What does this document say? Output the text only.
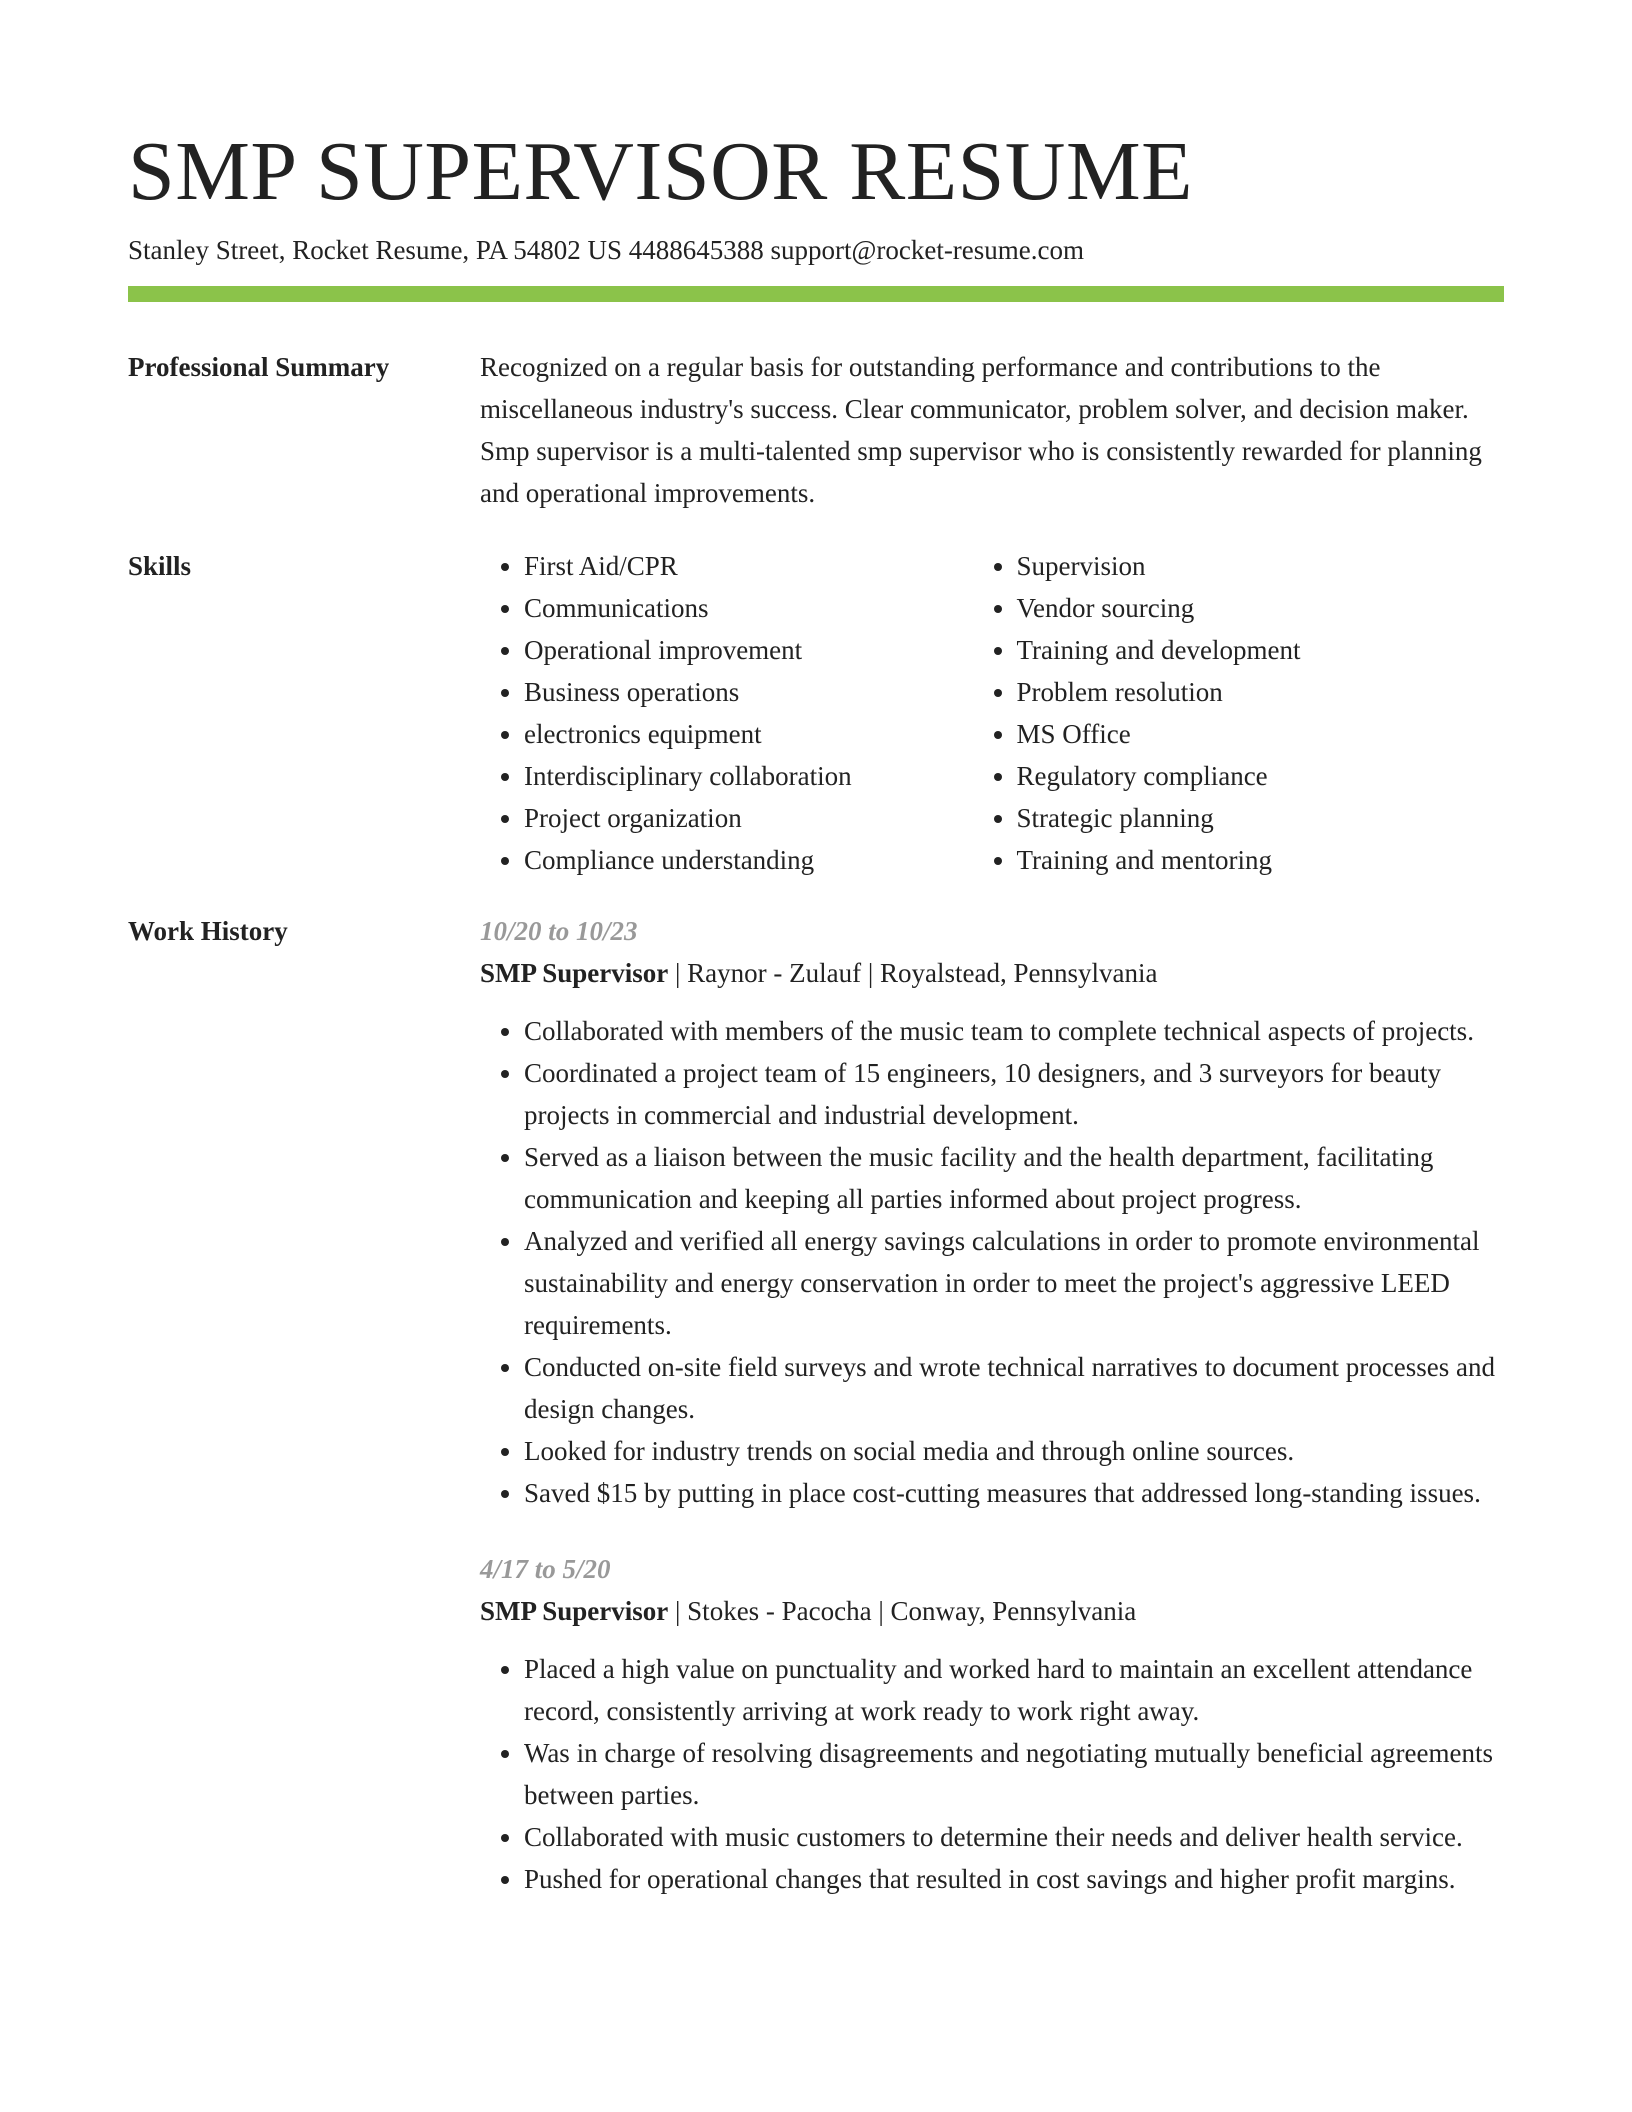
SMP SUPERVISOR RESUME
Stanley Street, Rocket Resume, PA 54802 US 4488645388 support@rocket-resume.com
Professional Summary	Recognized on a regular basis for outstanding performance and contributions to the miscellaneous industry's success. Clear communicator, problem solver, and decision maker. Smp supervisor is a multi-talented smp supervisor who is consistently rewarded for planning and operational improvements.

Skills
•	First Aid/CPR
• Communications
• Operational improvement
• Business operations
• electronics equipment
• Interdisciplinary collaboration
• Project organization
• Compliance understanding
• Supervision
• Vendor sourcing
• Training and development
• Problem resolution
• MS Office
• Regulatory compliance
• Strategic planning
• Training and mentoring
Work History	10/20 to 10/23
SMP Supervisor | Raynor - Zulauf | Royalstead, Pennsylvania
• Collaborated with members of the music team to complete technical aspects of projects.
• Coordinated a project team of 15 engineers, 10 designers, and 3 surveyors for beauty projects in commercial and industrial development.
• Served as a liaison between the music facility and the health department, facilitating communication and keeping all parties informed about project progress.
• Analyzed and verified all energy savings calculations in order to promote environmental sustainability and energy conservation in order to meet the project's aggressive LEED requirements.
• Conducted on-site field surveys and wrote technical narratives to document processes and design changes.
• Looked for industry trends on social media and through online sources.
• Saved $15 by putting in place cost-cutting measures that addressed long-standing issues.
4/17 to 5/20
SMP Supervisor | Stokes - Pacocha | Conway, Pennsylvania
• Placed a high value on punctuality and worked hard to maintain an excellent attendance record, consistently arriving at work ready to work right away.
• Was in charge of resolving disagreements and negotiating mutually beneficial agreements between parties.
• Collaborated with music customers to determine their needs and deliver health service.
• Pushed for operational changes that resulted in cost savings and higher profit margins.
